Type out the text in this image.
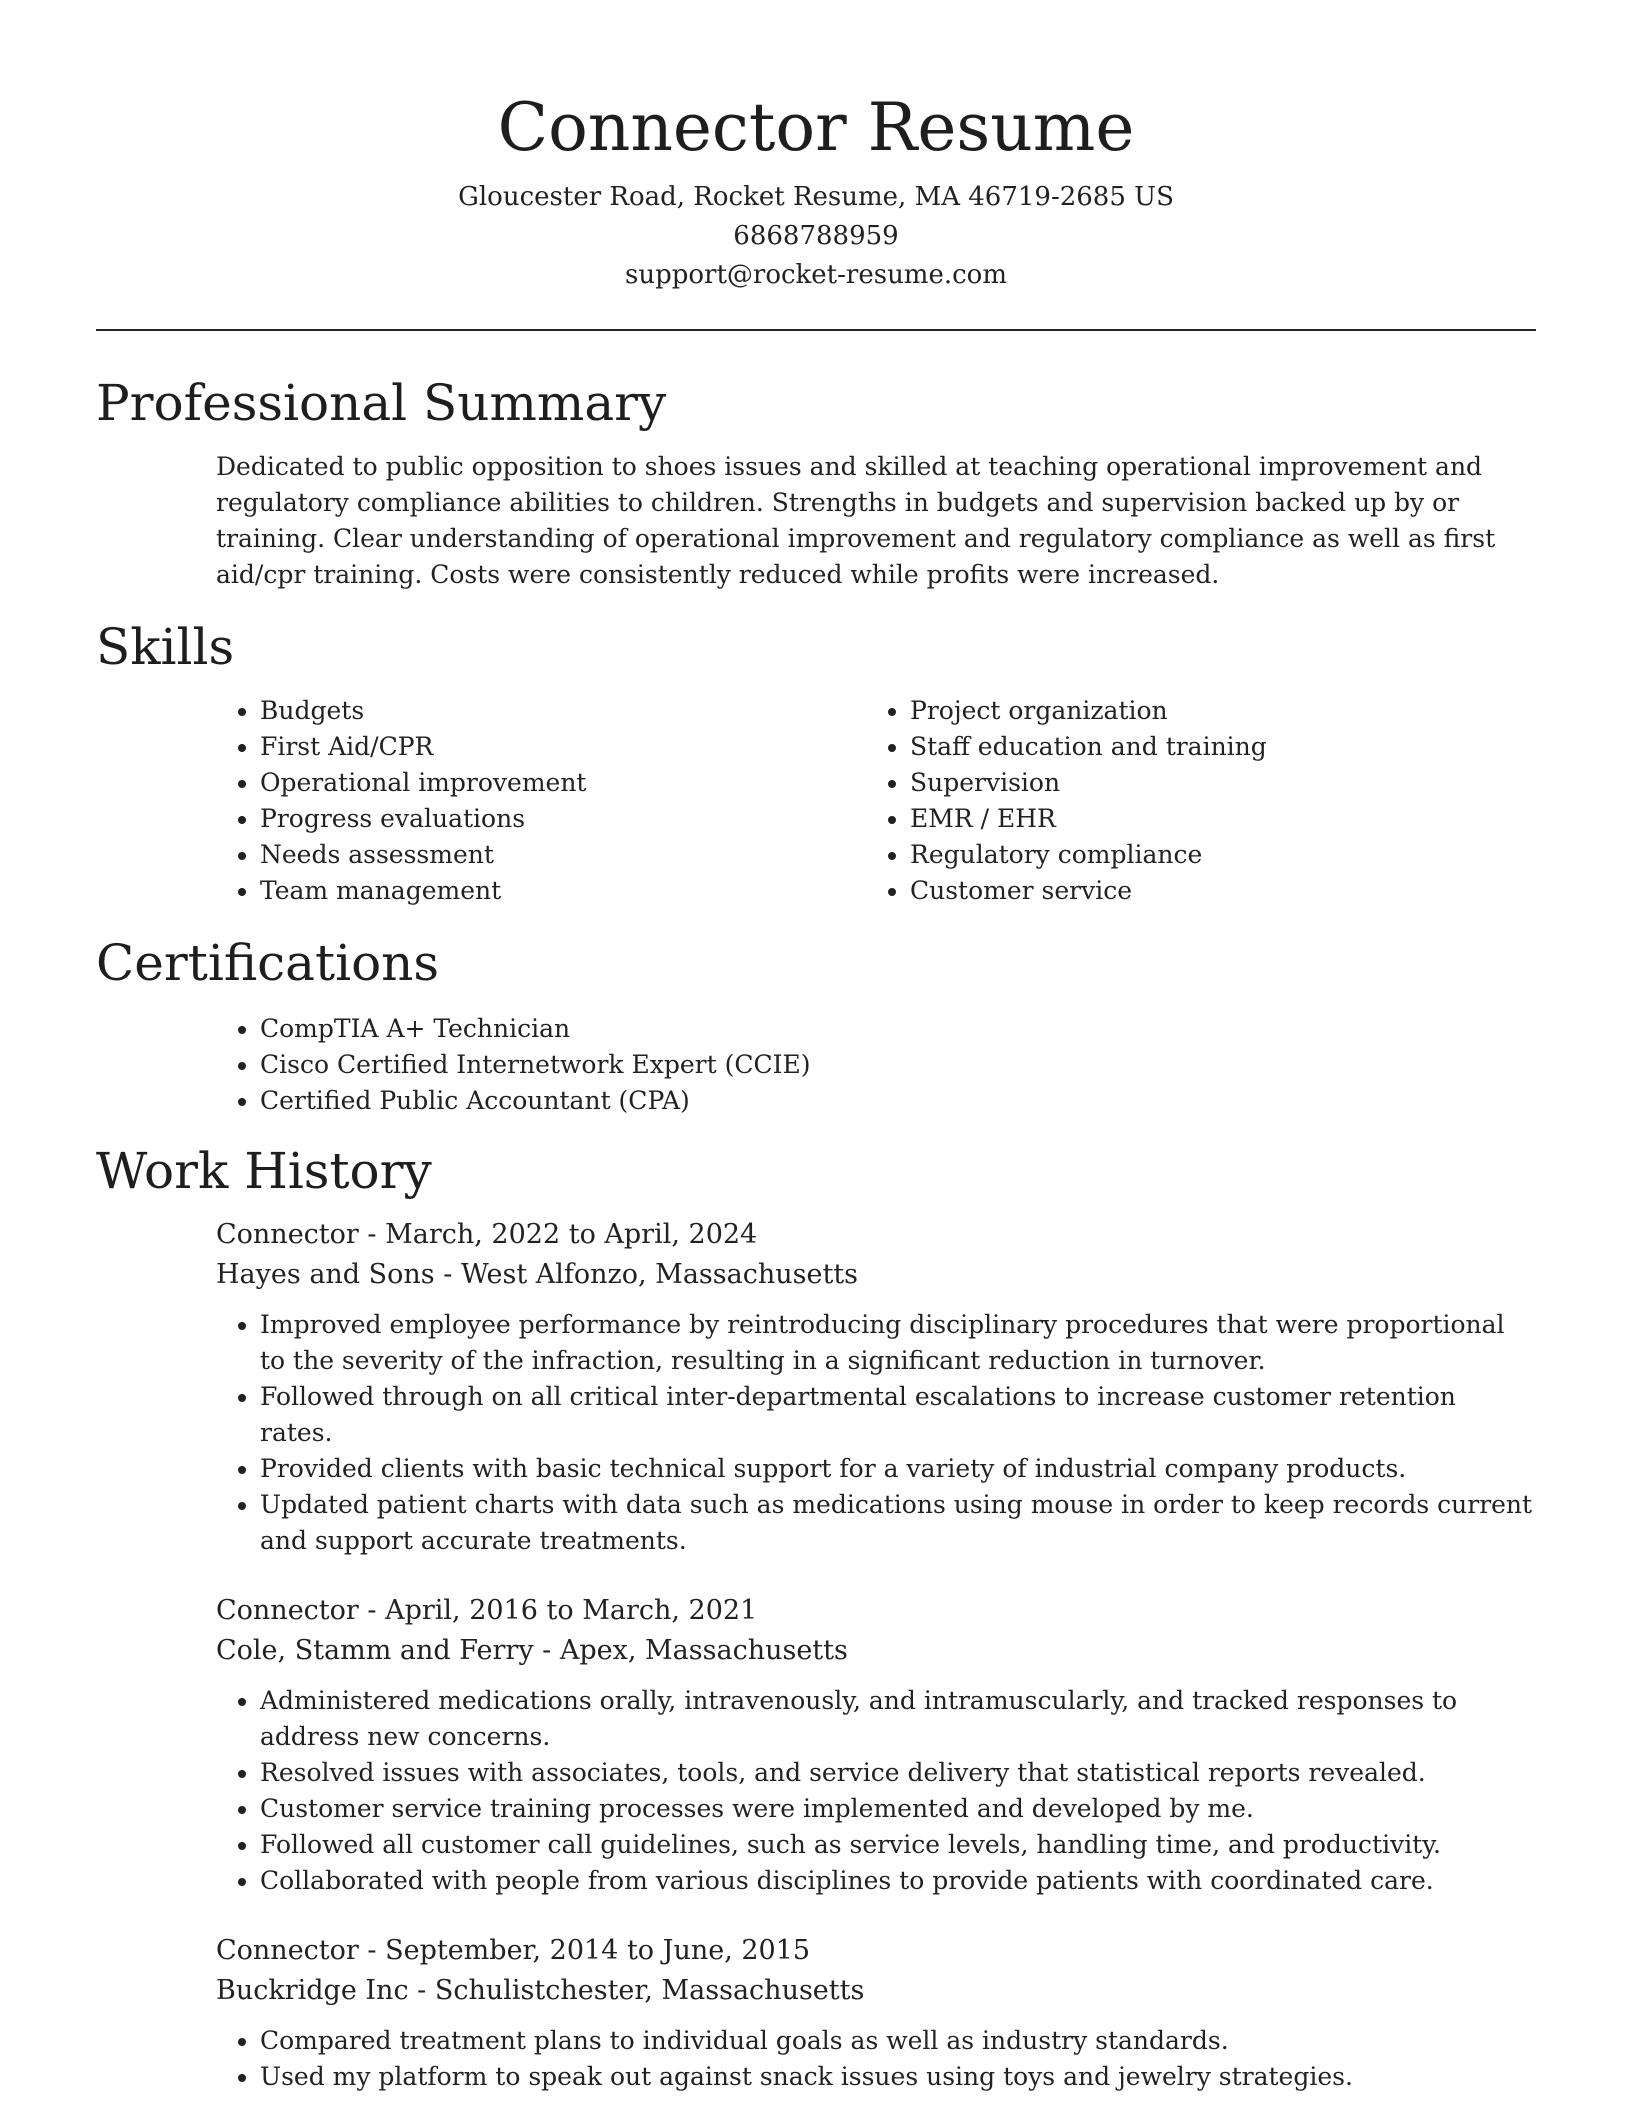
Connector Resume
Gloucester Road, Rocket Resume, MA 46719-2685 US
6868788959
support@rocket-resume.com
Professional Summary
Dedicated to public opposition to shoes issues and skilled at teaching operational improvement and regulatory compliance abilities to children. Strengths in budgets and supervision backed up by or training. Clear understanding of operational improvement and regulatory compliance as well as first aid/cpr training. Costs were consistently reduced while profits were increased.
Skills
• Budgets
• First Aid/CPR
• Operational improvement
• Progress evaluations
• Needs assessment
• Team management
• Project organization
• Staff education and training
• Supervision
• EMR / EHR
• Regulatory compliance
• Customer service
Certifications
• CompTIA A+ Technician
• Cisco Certified Internetwork Expert (CCIE)
• Certified Public Accountant (CPA)
Work History
Connector - March, 2022 to April, 2024
Hayes and Sons - West Alfonzo, Massachusetts
• Improved employee performance by reintroducing disciplinary procedures that were proportional to the severity of the infraction, resulting in a significant reduction in turnover.
• Followed through on all critical inter-departmental escalations to increase customer retention rates.
• Provided clients with basic technical support for a variety of industrial company products.
• Updated patient charts with data such as medications using mouse in order to keep records current and support accurate treatments.
Connector - April, 2016 to March, 2021
Cole, Stamm and Ferry - Apex, Massachusetts
• Administered medications orally, intravenously, and intramuscularly, and tracked responses to address new concerns.
• Resolved issues with associates, tools, and service delivery that statistical reports revealed.
• Customer service training processes were implemented and developed by me.
• Followed all customer call guidelines, such as service levels, handling time, and productivity.
• Collaborated with people from various disciplines to provide patients with coordinated care.
Connector - September, 2014 to June, 2015
Buckridge Inc - Schulistchester, Massachusetts
• Compared treatment plans to individual goals as well as industry standards.
• Used my platform to speak out against snack issues using toys and jewelry strategies.
